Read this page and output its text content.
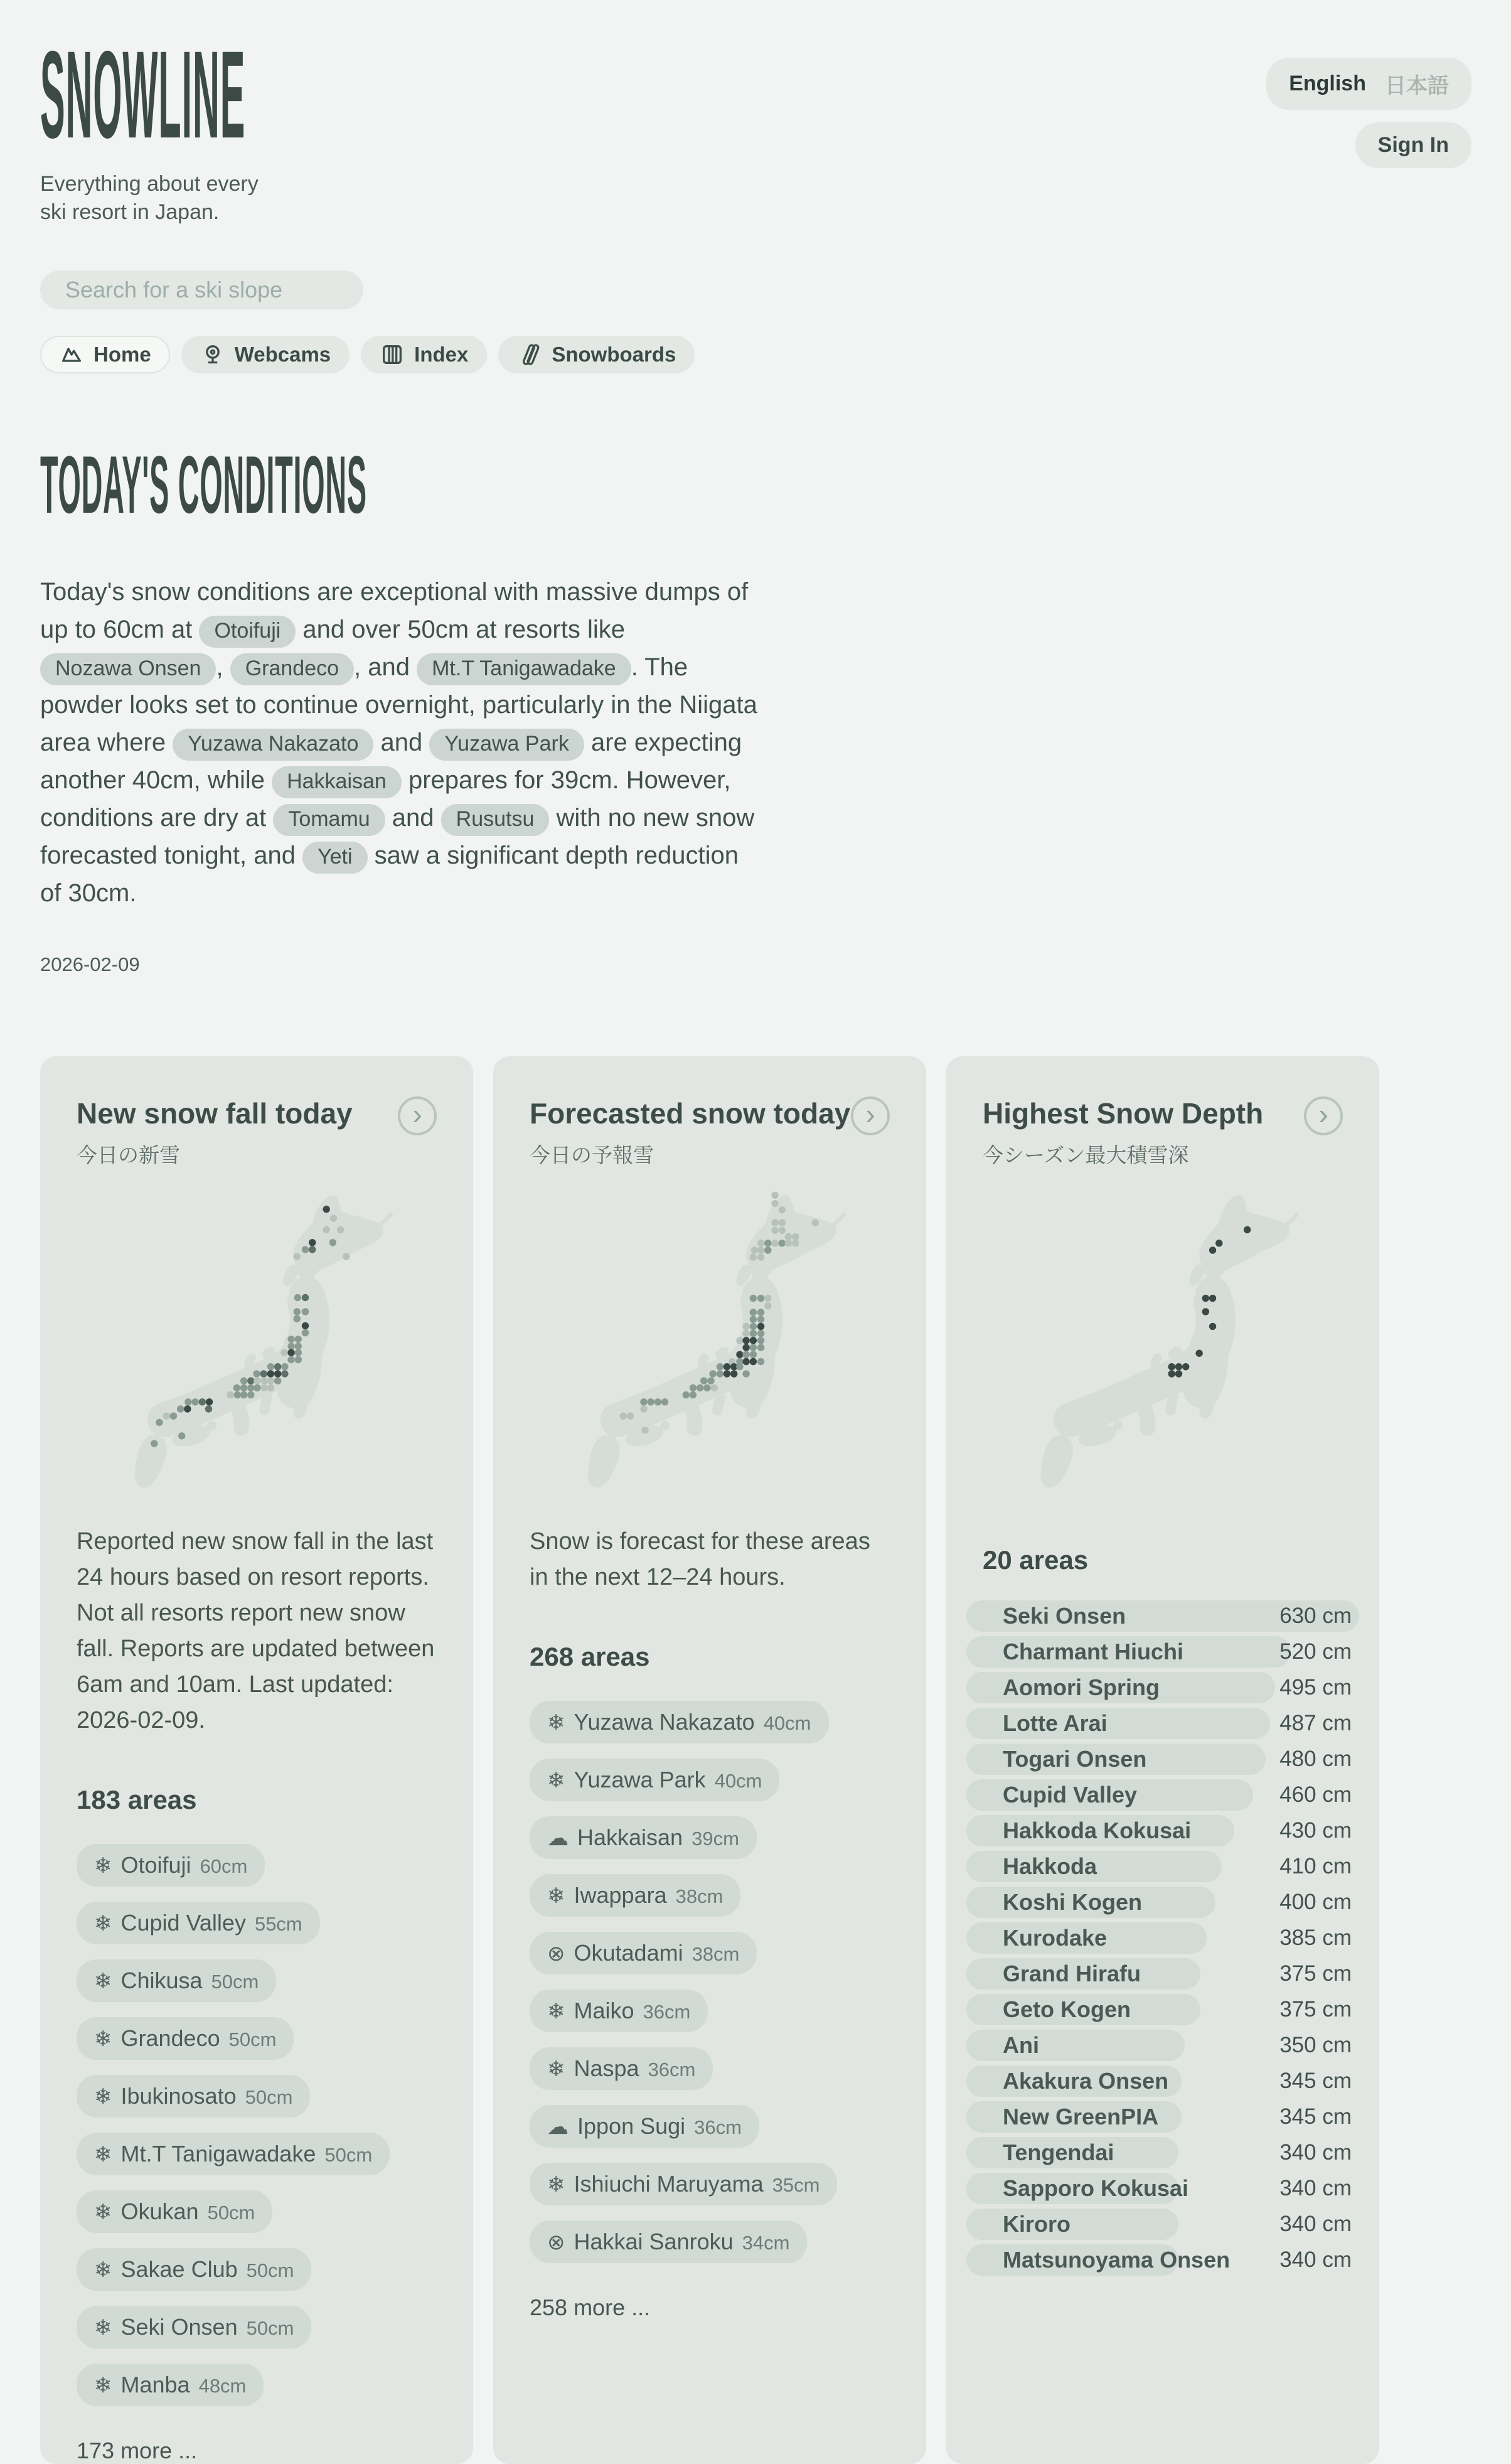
SNOWLINE
Everything about every ski resort in Japan.
English 日本語
Sign In
Search for a ski slope
Home	Webcams	Index	Snowboards
TODAY'S CONDITIONS

Today's snow conditions are exceptional with massive dumps of up to 60cm at Otoifuji and over 50cm at resorts like Nozawa Onsen , Grandeco , and Mt.T Tanigawadake . The powder looks set to continue overnight, particularly in the Niigata area where Yuzawa Nakazato and Yuzawa Park are expecting another 40cm, while Hakkaisan prepares for 39cm. However, conditions are dry at Tomamu and Rusutsu with no new snow forecasted tonight, and Yeti saw a significant depth reduction of 30cm.

2026-02-09
New snow fall today
今日の新雪
›

Reported new snow fall in the last 24 hours based on resort reports. Not all resorts report new snow fall. Reports are updated between 6am and 10am. Last updated: 2026-02-09.

183 areas
❄ Otoifuji 60cm
❄ Cupid Valley 55cm
❄ Chikusa 50cm
❄ Grandeco 50cm
❄ Ibukinosato 50cm
❄ Mt.T Tanigawadake 50cm
❄ Okukan 50cm
❄ Sakae Club 50cm
❄ Seki Onsen 50cm
❄ Manba 48cm
173 more ...
Forecasted snow today
今日の予報雪
›

Snow is forecast for these areas in the next 12–24 hours.

268 areas
❄ Yuzawa Nakazato 40cm
❄ Yuzawa Park 40cm
☁ Hakkaisan 39cm
❄ Iwappara 38cm
⊗ Okutadami 38cm
❄ Maiko 36cm
❄ Naspa 36cm
☁ Ippon Sugi 36cm
❄ Ishiuchi Maruyama 35cm
⊗ Hakkai Sanroku 34cm
258 more ...
Highest Snow Depth
今シーズン最大積雪深
›
20 areas
Seki Onsen	630 cm
Charmant Hiuchi	520 cm
Aomori Spring	495 cm
Lotte Arai	487 cm
Togari Onsen	480 cm
Cupid Valley	460 cm
Hakkoda Kokusai	430 cm
Hakkoda	410 cm
Koshi Kogen	400 cm
Kurodake	385 cm
Grand Hirafu	375 cm
Geto Kogen	375 cm
Ani	350 cm
Akakura Onsen	345 cm
New GreenPIA	345 cm
Tengendai	340 cm
Sapporo Kokusai	340 cm
Kiroro	340 cm
Matsunoyama Onsen 340 cm
